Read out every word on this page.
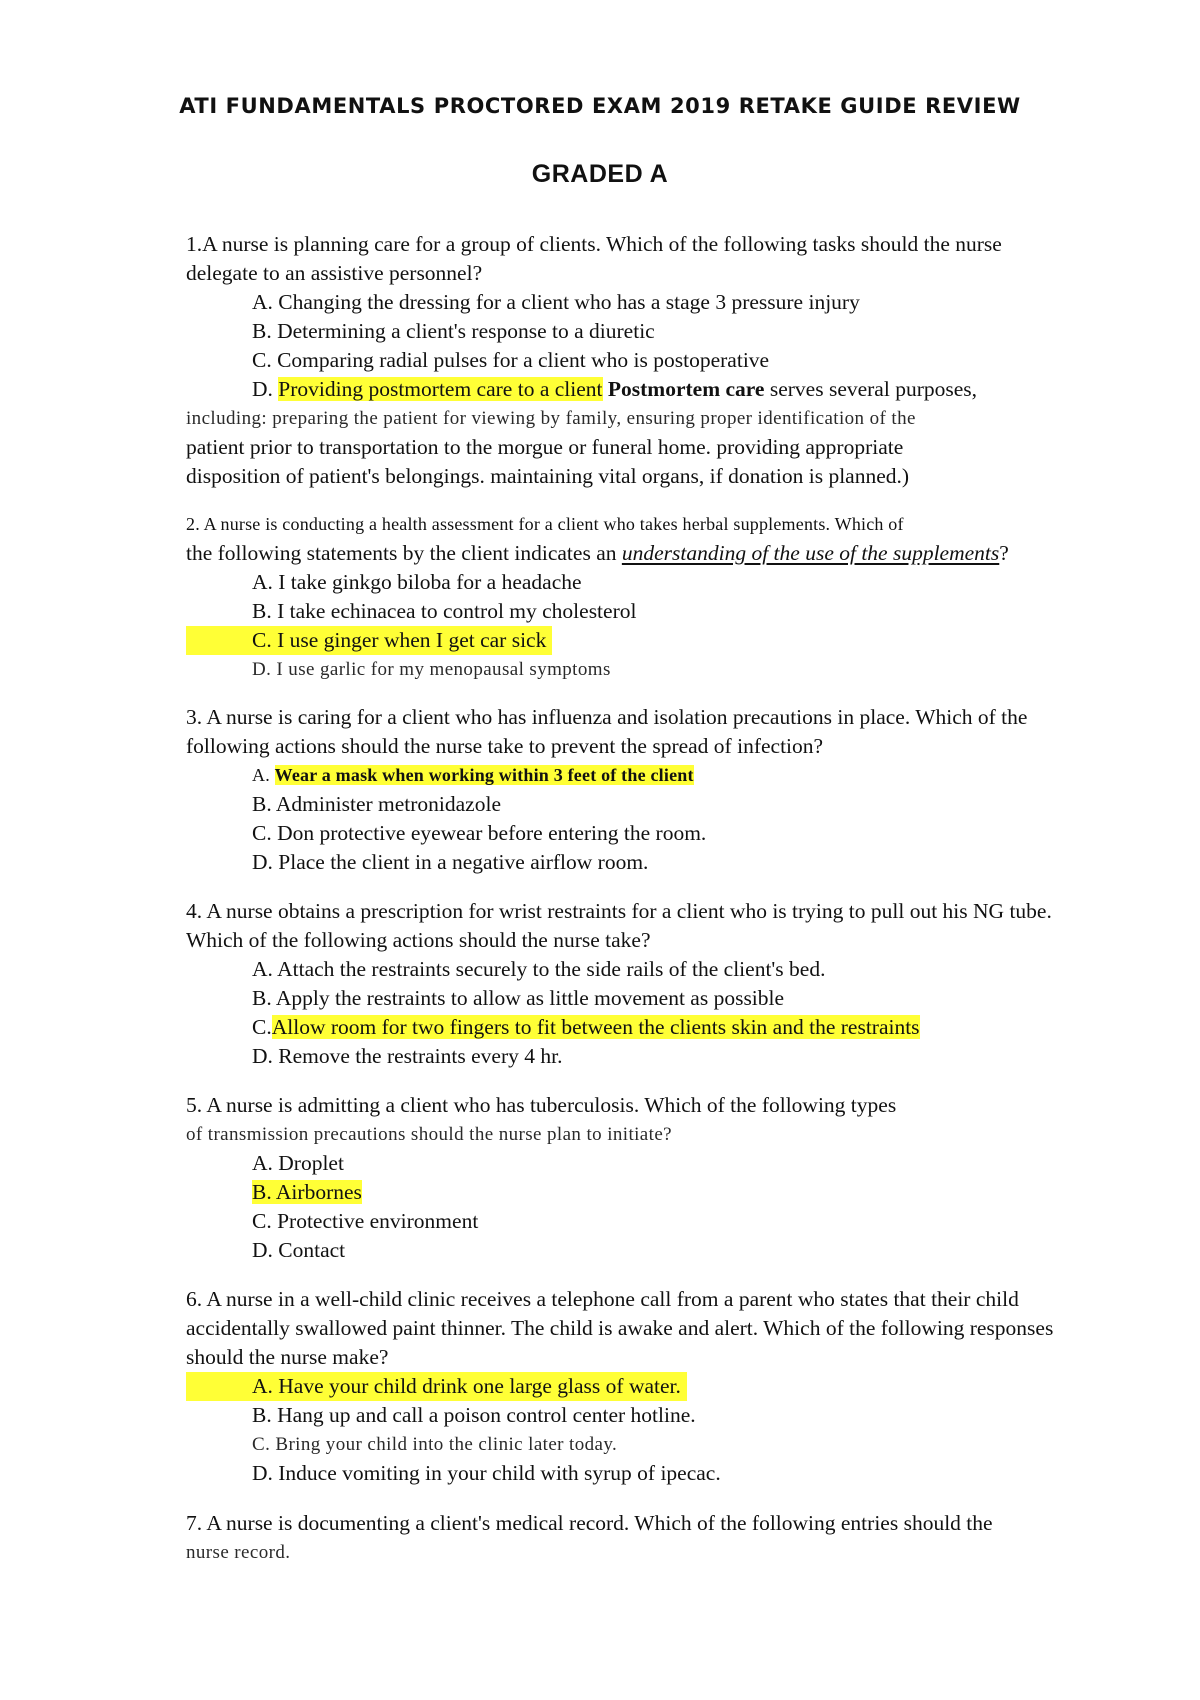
ATI FUNDAMENTALS PROCTORED EXAM 2019 RETAKE GUIDE REVIEW
GRADED A

1.A nurse is planning care for a group of clients. Which of the following tasks should the nurse delegate to an assistive personnel?

A. Changing the dressing for a client who has a stage 3 pressure injury
B. Determining a client's response to a diuretic
C. Comparing radial pulses for a client who is postoperative
D. Providing postmortem care to a client Postmortem care serves several purposes,
including: preparing the patient for viewing by family, ensuring proper identification of the
patient prior to transportation to the morgue or funeral home. providing appropriate
disposition of patient's belongings. maintaining vital organs, if donation is planned.)
2. A nurse is conducting a health assessment for a client who takes herbal supplements. Which of
the following statements by the client indicates an understanding of the use of the supplements?
A. I take ginkgo biloba for a headache
B. I take echinacea to control my cholesterol
C. I use ginger when I get car sick
D. I use garlic for my menopausal symptoms

3. A nurse is caring for a client who has influenza and isolation precautions in place. Which of the following actions should the nurse take to prevent the spread of infection?

A. Wear a mask when working within 3 feet of the client
B. Administer metronidazole
C. Don protective eyewear before entering the room.
D. Place the client in a negative airflow room.

4. A nurse obtains a prescription for wrist restraints for a client who is trying to pull out his NG tube. Which of the following actions should the nurse take?

A. Attach the restraints securely to the side rails of the client's bed.
B. Apply the restraints to allow as little movement as possible
C.Allow room for two fingers to fit between the clients skin and the restraints
D. Remove the restraints every 4 hr.
5. A nurse is admitting a client who has tuberculosis. Which of the following types
of transmission precautions should the nurse plan to initiate?
A. Droplet
B. Airbornes
C. Protective environment
D. Contact

6. A nurse in a well-child clinic receives a telephone call from a parent who states that their child accidentally swallowed paint thinner. The child is awake and alert. Which of the following responses should the nurse make?

A. Have your child drink one large glass of water.
B. Hang up and call a poison control center hotline.
C. Bring your child into the clinic later today.
D. Induce vomiting in your child with syrup of ipecac.
7. A nurse is documenting a client's medical record. Which of the following entries should the
nurse record.
